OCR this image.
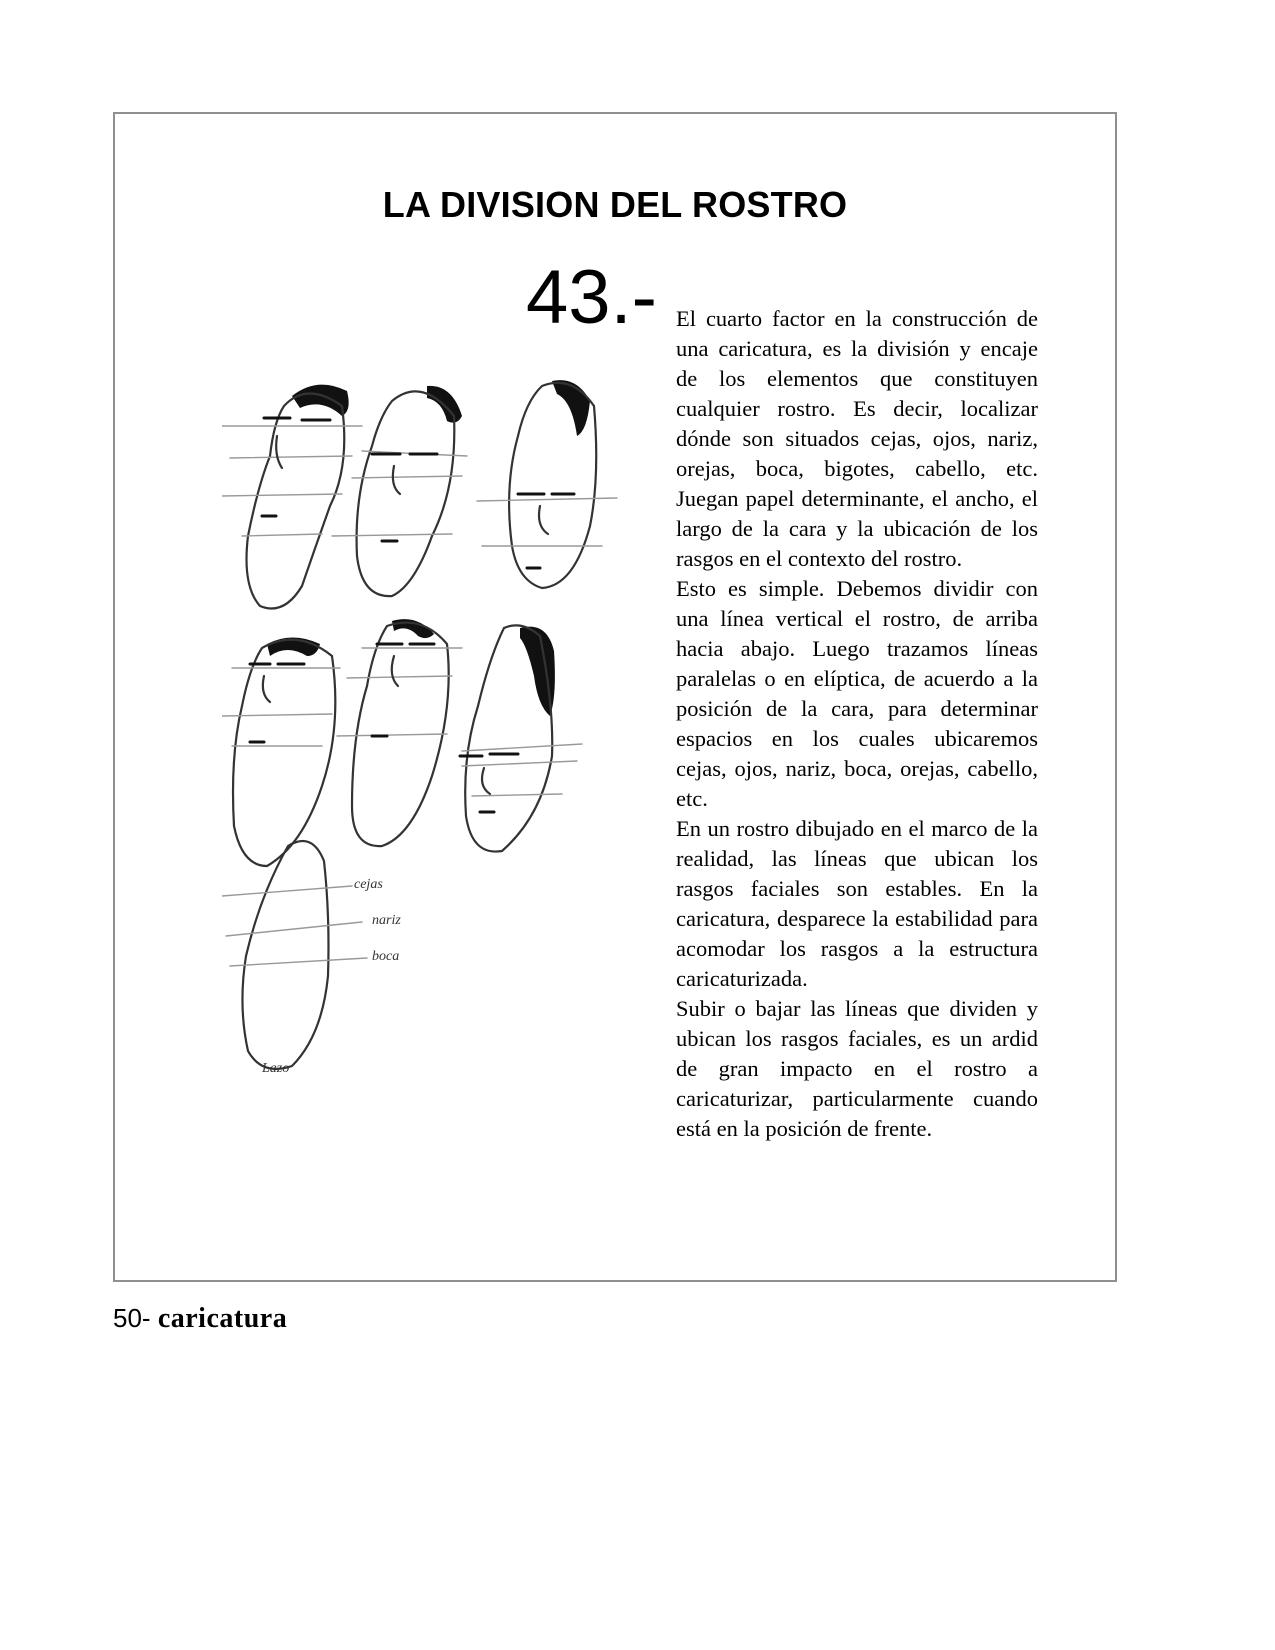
LA DIVISION DEL ROSTRO
43.- El cuarto factor en la construcción de una caricatura, es la división y encaje de los elementos que constituyen cualquier rostro. Es decir, localizar dónde son situados cejas, ojos, nariz, orejas, boca, bigotes, cabello, etc. Juegan papel determinante, el ancho, el largo de la cara y la ubicación de los rasgos en el contexto del rostro.

Esto es simple. Debemos dividir con una línea vertical el rostro, de arriba hacia abajo. Luego trazamos líneas paralelas o en elíptica, de acuerdo a la posición de la cara, para determinar espacios en los cuales ubicaremos cejas, ojos, nariz, boca, orejas, cabello, etc.

En un rostro dibujado en el marco de la realidad, las líneas que ubican los rasgos faciales son estables. En la caricatura, desparece la estabilidad para acomodar los rasgos a la estructura caricaturizada.

Subir o bajar las líneas que dividen y ubican los rasgos faciales, es un ardid de gran impacto en el rostro a caricaturizar, particularmente cuando está en la posición de frente.

cejas
nariz
boca
Lazo
50- caricatura
